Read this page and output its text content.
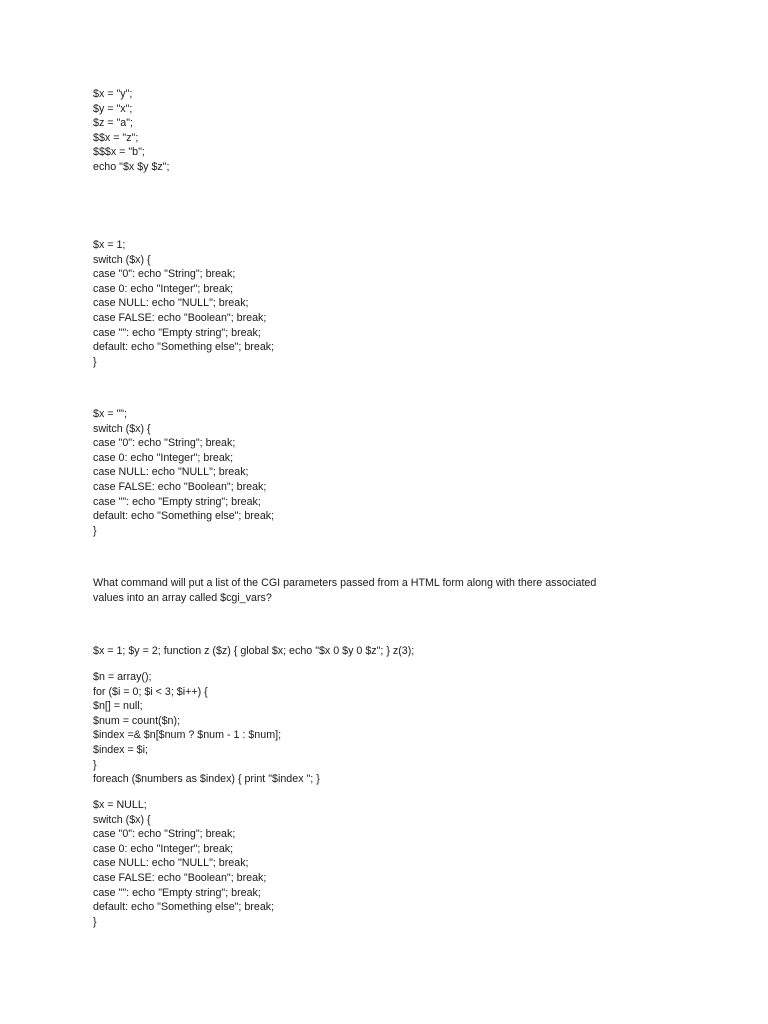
$x = "y";
$y = "x";
$z = "a";
$$x = "z";
$$$x = "b";
echo "$x $y $z";
$x = 1;
switch ($x) {
case "0": echo "String"; break;
case 0: echo "Integer"; break;
case NULL: echo "NULL"; break;
case FALSE: echo "Boolean"; break;
case "": echo "Empty string"; break;
default: echo "Something else"; break;
}
$x = "";
switch ($x) {
case "0": echo "String"; break;
case 0: echo "Integer"; break;
case NULL: echo "NULL"; break;
case FALSE: echo "Boolean"; break;
case "": echo "Empty string"; break;
default: echo "Something else"; break;
}
What command will put a list of the CGI parameters passed from a HTML form along with there associated
values into an array called $cgi_vars?
$x = 1; $y = 2; function z ($z) { global $x; echo "$x 0 $y 0 $z"; } z(3);
$n = array();
for ($i = 0; $i < 3; $i++) {
$n[] = null;
$num = count($n);
$index =& $n[$num ? $num - 1 : $num];
$index = $i;
}
foreach ($numbers as $index) { print "$index "; }
$x = NULL;
switch ($x) {
case "0": echo "String"; break;
case 0: echo "Integer"; break;
case NULL: echo "NULL"; break;
case FALSE: echo "Boolean"; break;
case "": echo "Empty string"; break;
default: echo "Something else"; break;
}
